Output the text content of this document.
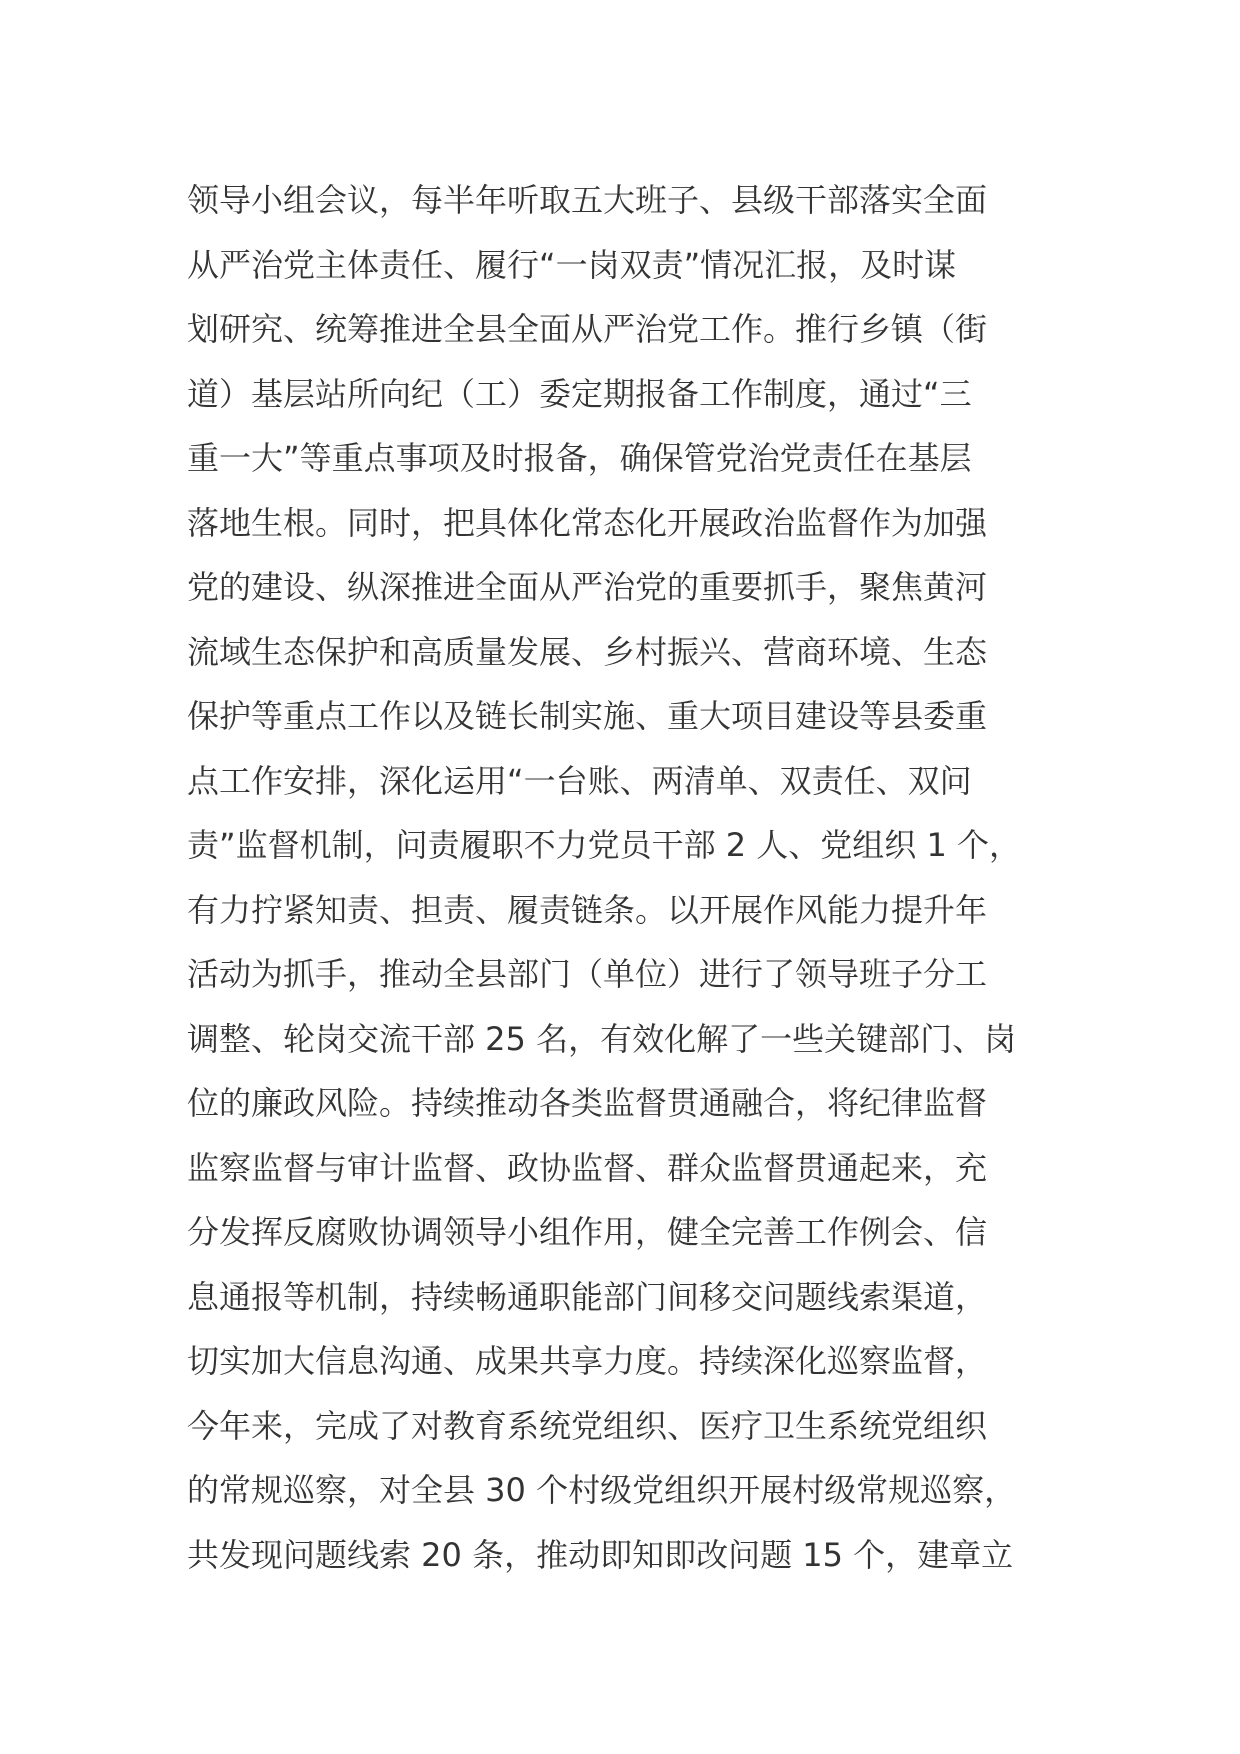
领导小组会议，每半年听取五大班子、县级干部落实全面
从严治党主体责任、履行“一岗双责”情况汇报，及时谋
划研究、统筹推进全县全面从严治党工作。推行乡镇（街
道）基层站所向纪（工）委定期报备工作制度，通过“三
重一大”等重点事项及时报备，确保管党治党责任在基层
落地生根。同时，把具体化常态化开展政治监督作为加强
党的建设、纵深推进全面从严治党的重要抓手，聚焦黄河
流域生态保护和高质量发展、乡村振兴、营商环境、生态
保护等重点工作以及链长制实施、重大项目建设等县委重
点工作安排，深化运用“一台账、两清单、双责任、双问
责”监督机制，问责履职不力党员干部 2 人、党组织 1 个，
有力拧紧知责、担责、履责链条。以开展作风能力提升年
活动为抓手，推动全县部门（单位）进行了领导班子分工
调整、轮岗交流干部 25 名，有效化解了一些关键部门、岗
位的廉政风险。持续推动各类监督贯通融合，将纪律监督
监察监督与审计监督、政协监督、群众监督贯通起来，充
分发挥反腐败协调领导小组作用，健全完善工作例会、信
息通报等机制，持续畅通职能部门间移交问题线索渠道，
切实加大信息沟通、成果共享力度。持续深化巡察监督，
今年来，完成了对教育系统党组织、医疗卫生系统党组织
的常规巡察，对全县 30 个村级党组织开展村级常规巡察，
共发现问题线索 20 条，推动即知即改问题 15 个，建章立
